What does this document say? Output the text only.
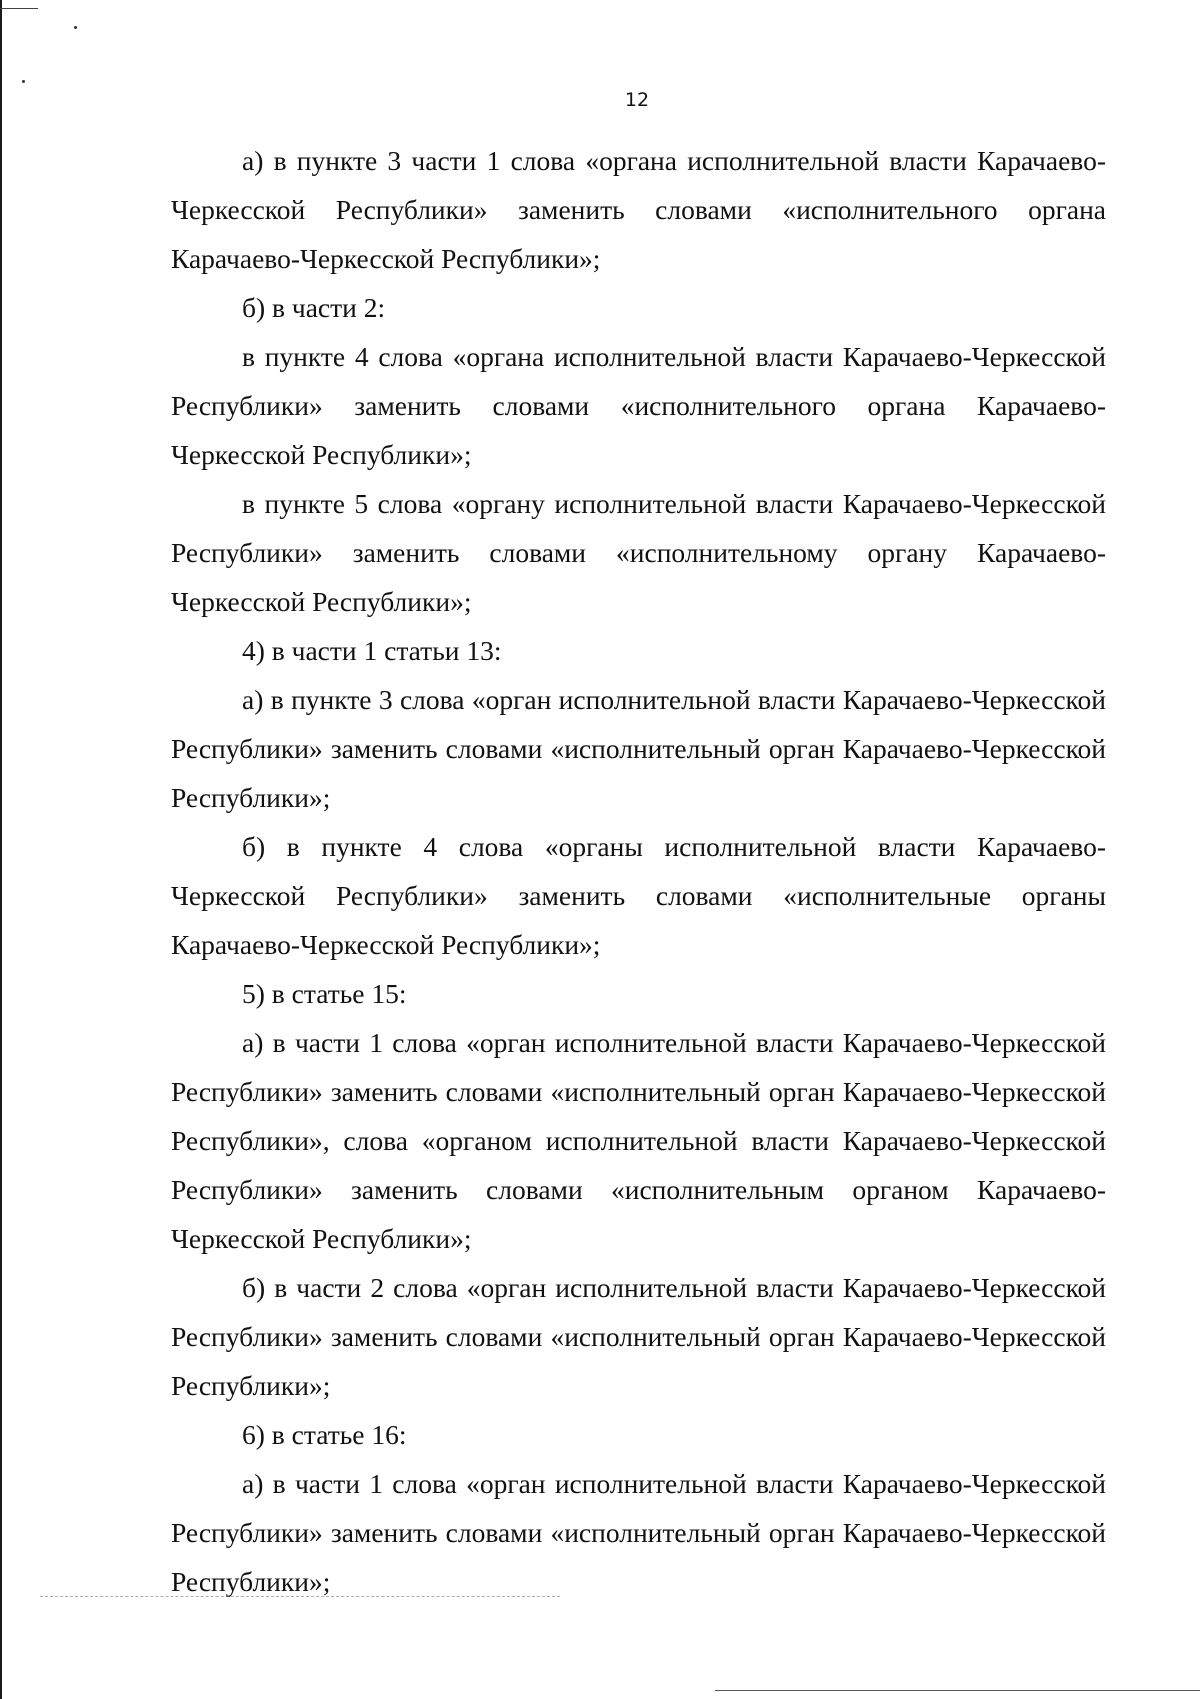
12

а) в пункте 3 части 1 слова «органа исполнительной власти Карачаево-Черкесской Республики» заменить словами «исполнительного органа Карачаево-Черкесской Республики»;

б) в части 2:

в пункте 4 слова «органа исполнительной власти Карачаево-Черкесской Республики» заменить словами «исполнительного органа Карачаево-Черкесской Республики»;

в пункте 5 слова «органу исполнительной власти Карачаево-Черкесской Республики» заменить словами «исполнительному органу Карачаево-Черкесской Республики»;

4) в части 1 статьи 13:

а) в пункте 3 слова «орган исполнительной власти Карачаево-Черкесской Республики» заменить словами «исполнительный орган Карачаево-Черкесской Республики»;

б) в пункте 4 слова «органы исполнительной власти Карачаево-Черкесской Республики» заменить словами «исполнительные органы Карачаево-Черкесской Республики»;

5) в статье 15:

а) в части 1 слова «орган исполнительной власти Карачаево-Черкесской Республики» заменить словами «исполнительный орган Карачаево-Черкесской Республики», слова «органом исполнительной власти Карачаево-Черкесской Республики» заменить словами «исполнительным органом Карачаево-Черкесской Республики»;

б) в части 2 слова «орган исполнительной власти Карачаево-Черкесской Республики» заменить словами «исполнительный орган Карачаево-Черкесской Республики»;

6) в статье 16:

а) в части 1 слова «орган исполнительной власти Карачаево-Черкесской Республики» заменить словами «исполнительный орган Карачаево-Черкесской Республики»;
